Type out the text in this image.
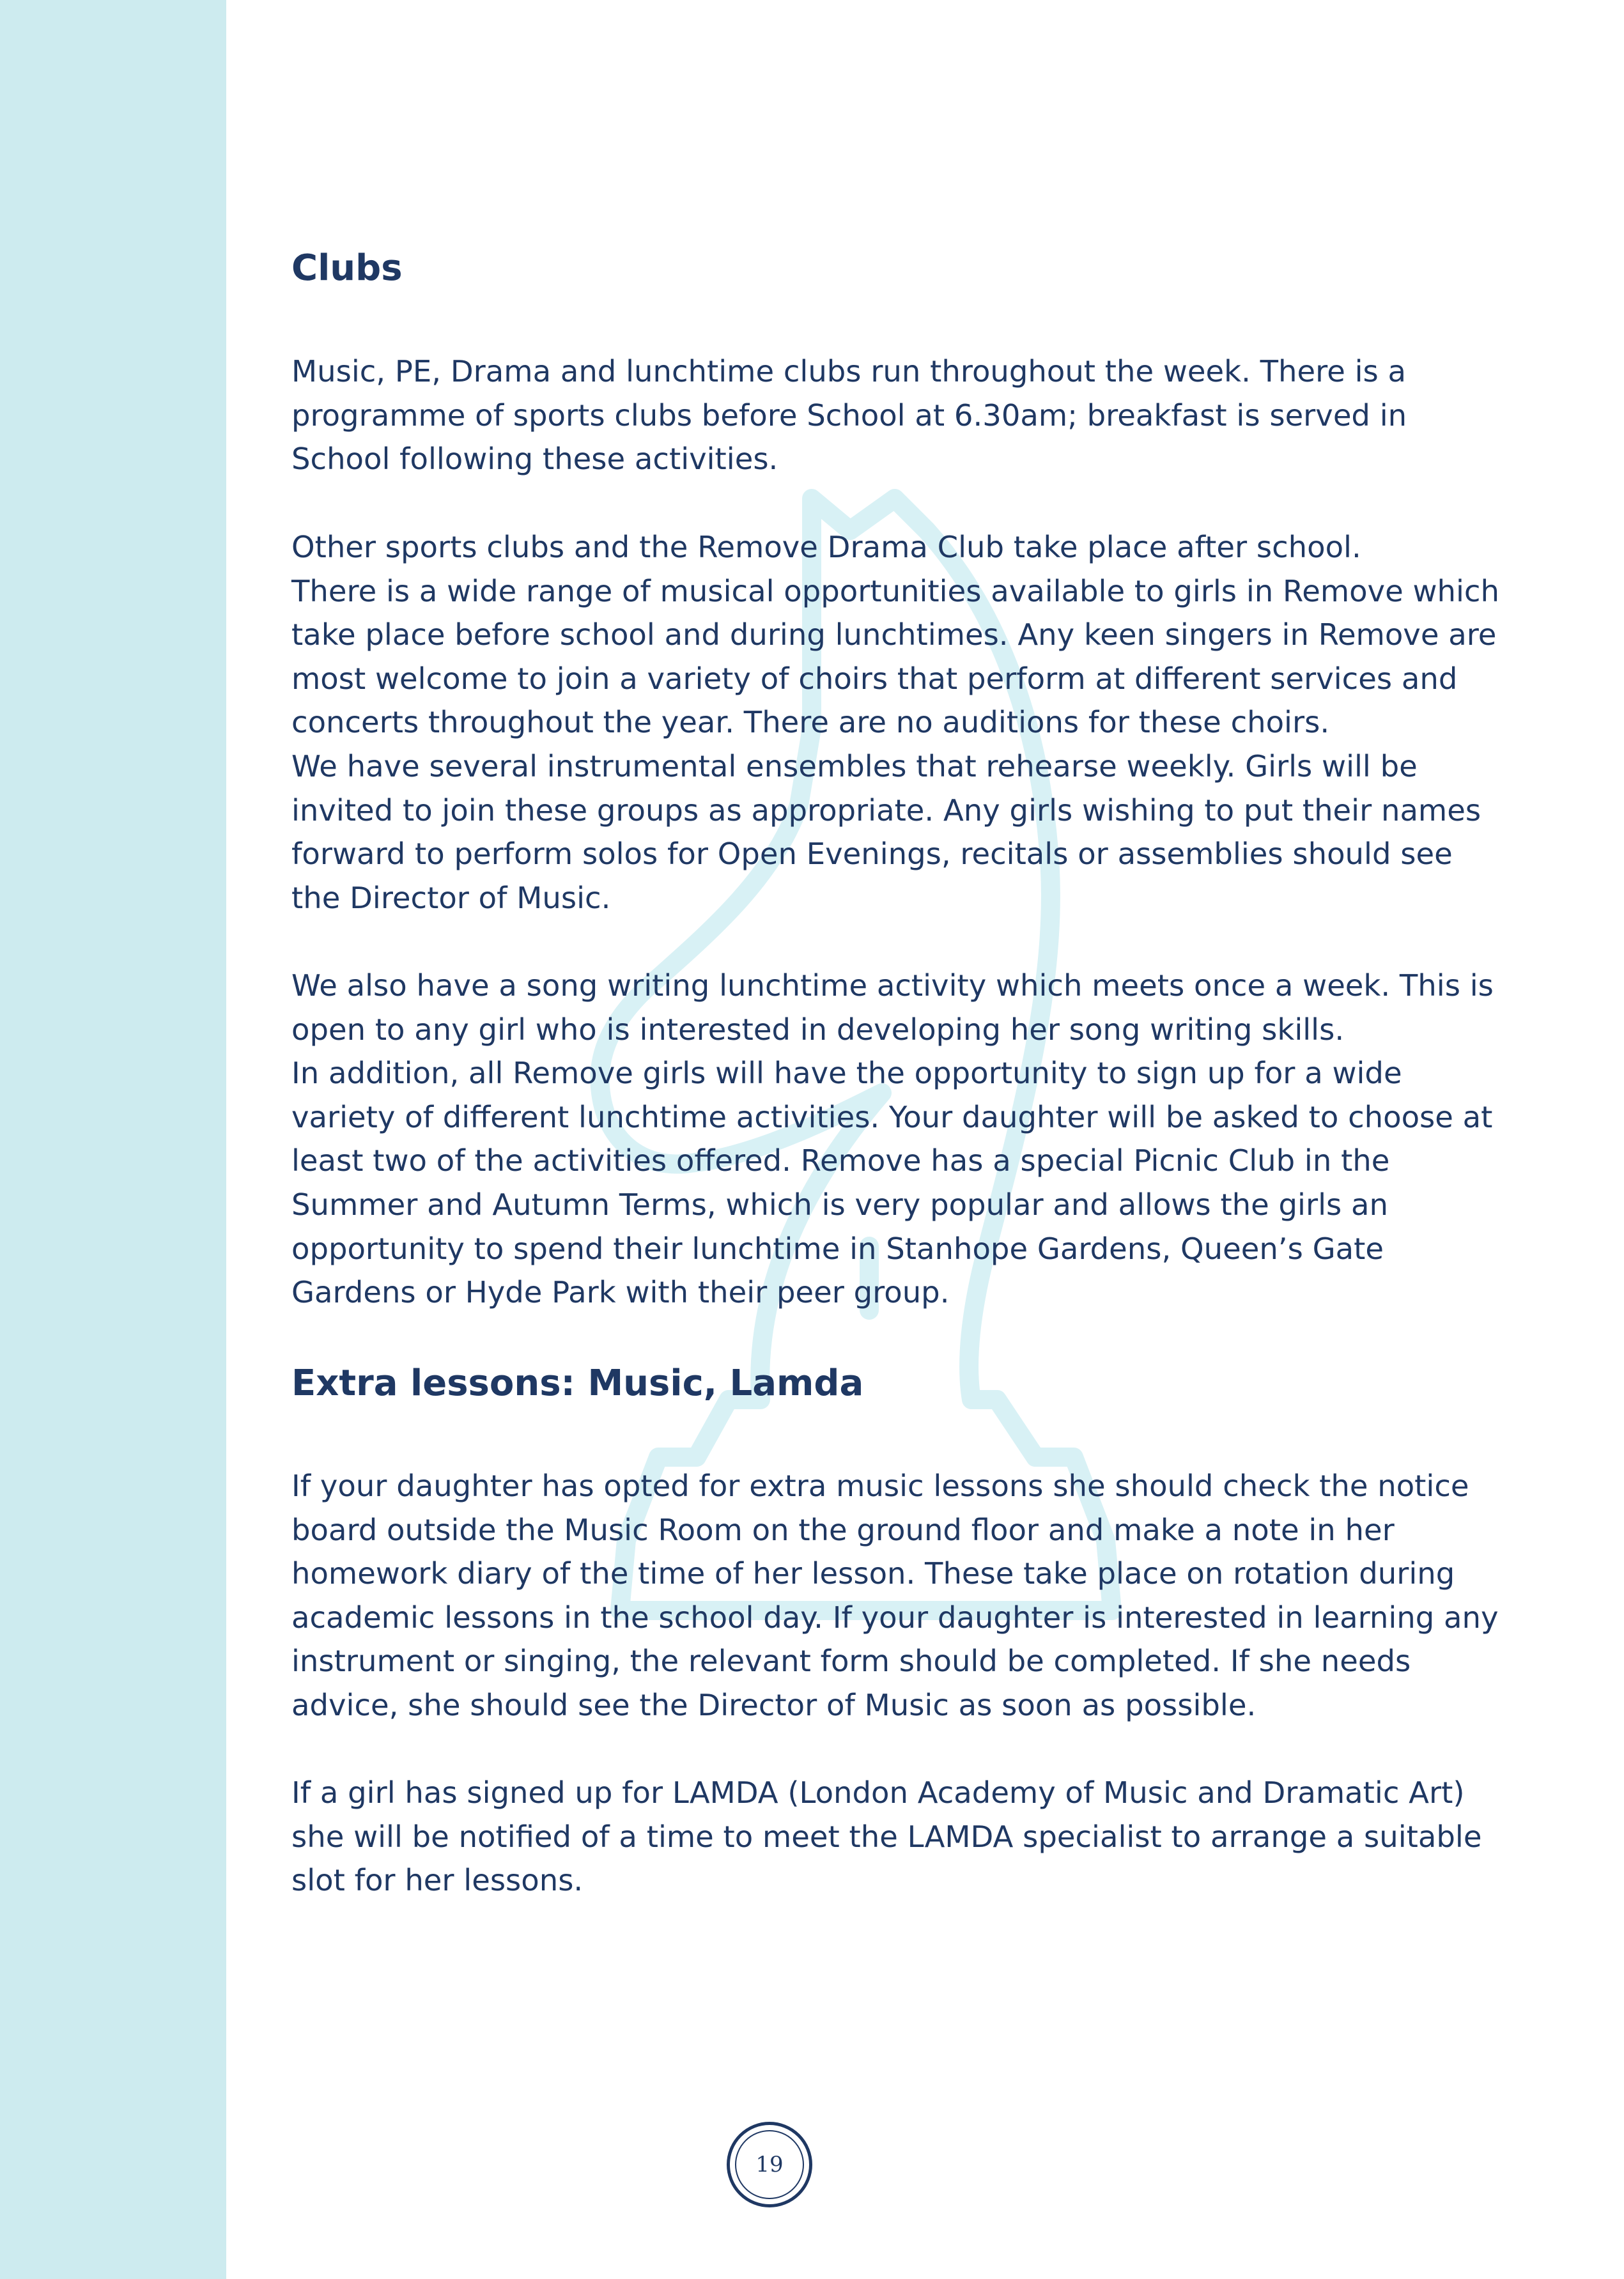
Clubs
Music, PE, Drama and lunchtime clubs run throughout the week. There is a
programme of sports clubs before School at 6.30am; breakfast is served in
School following these activities.
Other sports clubs and the Remove Drama Club take place after school.
There is a wide range of musical opportunities available to girls in Remove which
take place before school and during lunchtimes. Any keen singers in Remove are
most welcome to join a variety of choirs that perform at different services and
concerts throughout the year. There are no auditions for these choirs.
We have several instrumental ensembles that rehearse weekly. Girls will be
invited to join these groups as appropriate. Any girls wishing to put their names
forward to perform solos for Open Evenings, recitals or assemblies should see
the Director of Music.
We also have a song writing lunchtime activity which meets once a week. This is
open to any girl who is interested in developing her song writing skills.
In addition, all Remove girls will have the opportunity to sign up for a wide
variety of different lunchtime activities. Your daughter will be asked to choose at
least two of the activities offered. Remove has a special Picnic Club in the
Summer and Autumn Terms, which is very popular and allows the girls an
opportunity to spend their lunchtime in Stanhope Gardens, Queen’s Gate
Gardens or Hyde Park with their peer group.
Extra lessons: Music, Lamda
If your daughter has opted for extra music lessons she should check the notice
board outside the Music Room on the ground floor and make a note in her
homework diary of the time of her lesson. These take place on rotation during
academic lessons in the school day. If your daughter is interested in learning any
instrument or singing, the relevant form should be completed. If she needs
advice, she should see the Director of Music as soon as possible.
If a girl has signed up for LAMDA (London Academy of Music and Dramatic Art)
she will be notified of a time to meet the LAMDA specialist to arrange a suitable
slot for her lessons.
19
